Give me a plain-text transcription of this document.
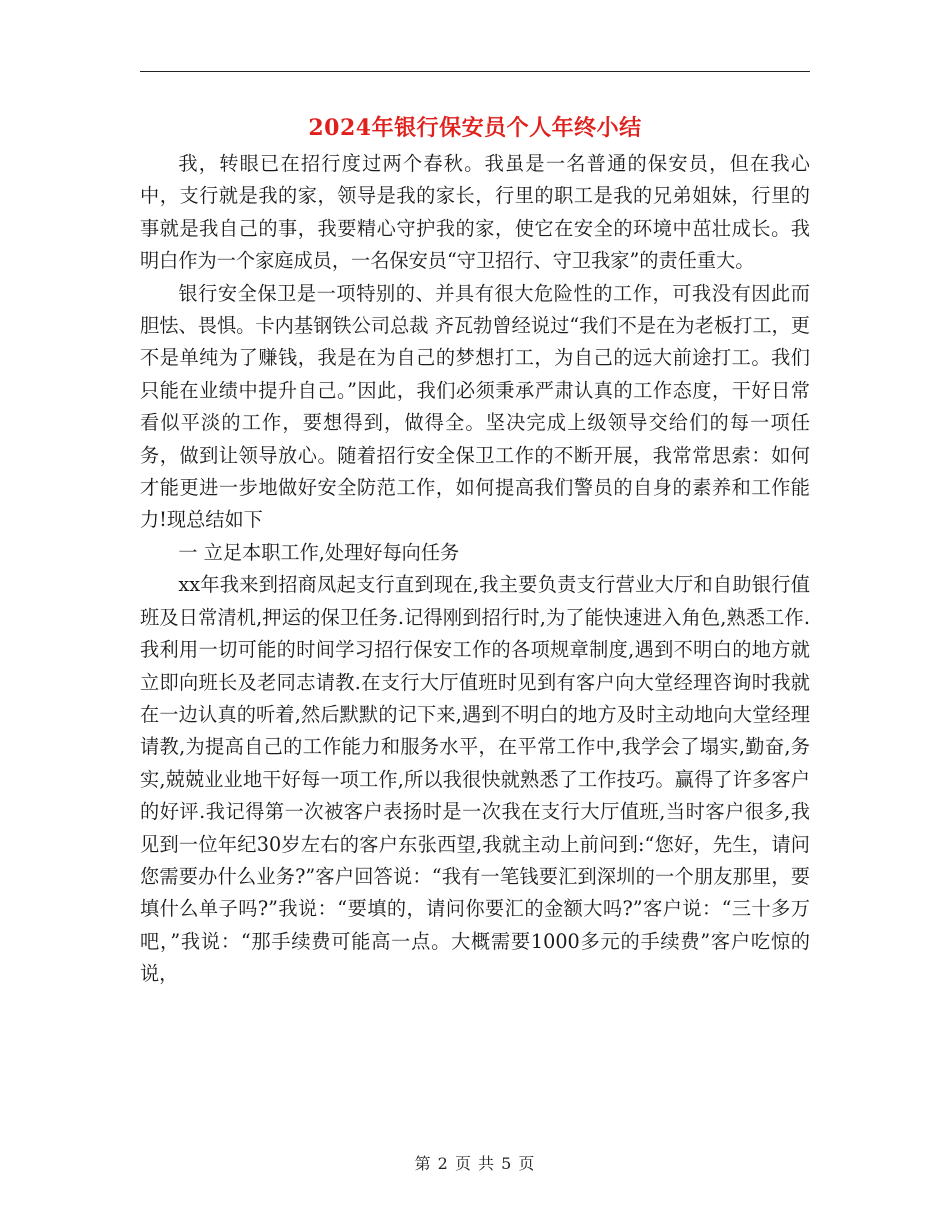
2024年银行保安员个人年终小结

我，转眼已在招行度过两个春秋。我虽是一名普通的保安员，但在我心中，支行就是我的家，领导是我的家长，行里的职工是我的兄弟姐妹，行里的事就是我自己的事，我要精心守护我的家，使它在安全的环境中茁壮成长。我明白作为一个家庭成员，一名保安员“守卫招行、守卫我家”的责任重大。

银行安全保卫是一项特别的、并具有很大危险性的工作，可我没有因此而胆怯、畏惧。卡内基钢铁公司总裁 齐瓦勃曾经说过“我们不是在为老板打工，更不是单纯为了赚钱，我是在为自己的梦想打工，为自己的远大前途打工。我们只能在业绩中提升自己。”因此，我们必须秉承严肃认真的工作态度，干好日常看似平淡的工作，要想得到，做得全。坚决完成上级领导交给们的每一项任务，做到让领导放心。随着招行安全保卫工作的不断开展，我常常思索：如何才能更进一步地做好安全防范工作，如何提高我们警员的自身的素养和工作能力!现总结如下

一 立足本职工作,处理好每向任务

xx年我来到招商凤起支行直到现在,我主要负责支行营业大厅和自助银行值班及日常清机,押运的保卫任务.记得刚到招行时,为了能快速进入角色,熟悉工作.我利用一切可能的时间学习招行保安工作的各项规章制度,遇到不明白的地方就立即向班长及老同志请教.在支行大厅值班时见到有客户向大堂经理咨询时我就在一边认真的听着,然后默默的记下来,遇到不明白的地方及时主动地向大堂经理请教,为提高自己的工作能力和服务水平，在平常工作中,我学会了塌实,勤奋,务实,兢兢业业地干好每一项工作,所以我很快就熟悉了工作技巧。赢得了许多客户的好评.我记得第一次被客户表扬时是一次我在支行大厅值班,当时客户很多,我见到一位年纪30岁左右的客户东张西望,我就主动上前问到:“您好，先生，请问您需要办什么业务?”客户回答说：“我有一笔钱要汇到深圳的一个朋友那里，要填什么单子吗?”我说：“要填的，请问你要汇的金额大吗?”客户说：“三十多万吧，”我说：“那手续费可能高一点。大概需要1000多元的手续费”客户吃惊的说，

第 2 页 共 5 页
